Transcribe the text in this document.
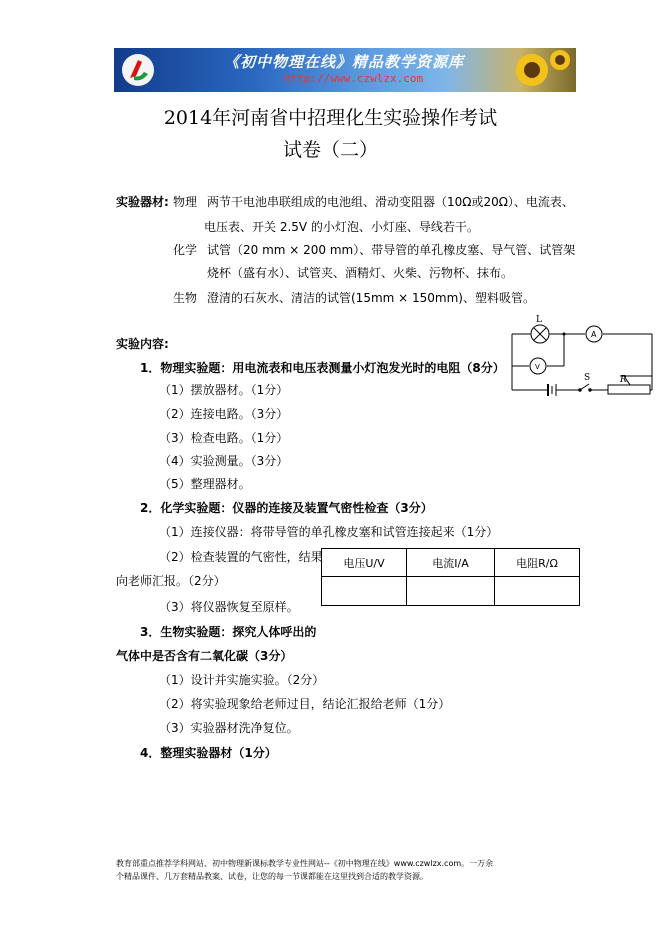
《初中物理在线》精品教学资源库
http://www.czwlzx.com
2014年河南省中招理化生实验操作考试
试卷（二）
实验器材: 物理 两节干电池串联组成的电池组、滑动变阻器（10Ω或20Ω）、电流表、
电压表、开关 2.5V 的小灯泡、小灯座、导线若干。
化学 试管（20 mm × 200 mm）、带导管的单孔橡皮塞、导气管、试管架
烧杯（盛有水）、试管夹、酒精灯、火柴、污物杯、抹布。
生物 澄清的石灰水、清洁的试管(15mm × 150mm)、塑料吸管。
实验内容:
1．物理实验题：用电流表和电压表测量小灯泡发光时的电阻（8分）
（1）摆放器材。（1分）
（2）连接电路。（3分）
（3）检查电路。（1分）
（4）实验测量。（3分）
（5）整理器材。
2．化学实验题：仪器的连接及装置气密性检查（3分）
（1）连接仪器：将带导管的单孔橡皮塞和试管连接起来（1分）
（2）检查装置的气密性，结果
向老师汇报。（2分）
（3）将仪器恢复至原样。
3．生物实验题：探究人体呼出的
气体中是否含有二氧化碳（3分）
（1）设计并实施实验。（2分）
（2）将实验现象给老师过目，结论汇报给老师（1分）
（3）实验器材洗净复位。
4．整理实验器材（1分）
L
A
V
S	R
电压U/V	电流I/A	电阻R/Ω

教育部重点推荐学科网站、初中物理新课标教学专业性网站--《初中物理在线》www.czwlzx.com。一万余
个精品课件、几万套精品教案、试卷，让您的每一节课都能在这里找到合适的教学资源。
